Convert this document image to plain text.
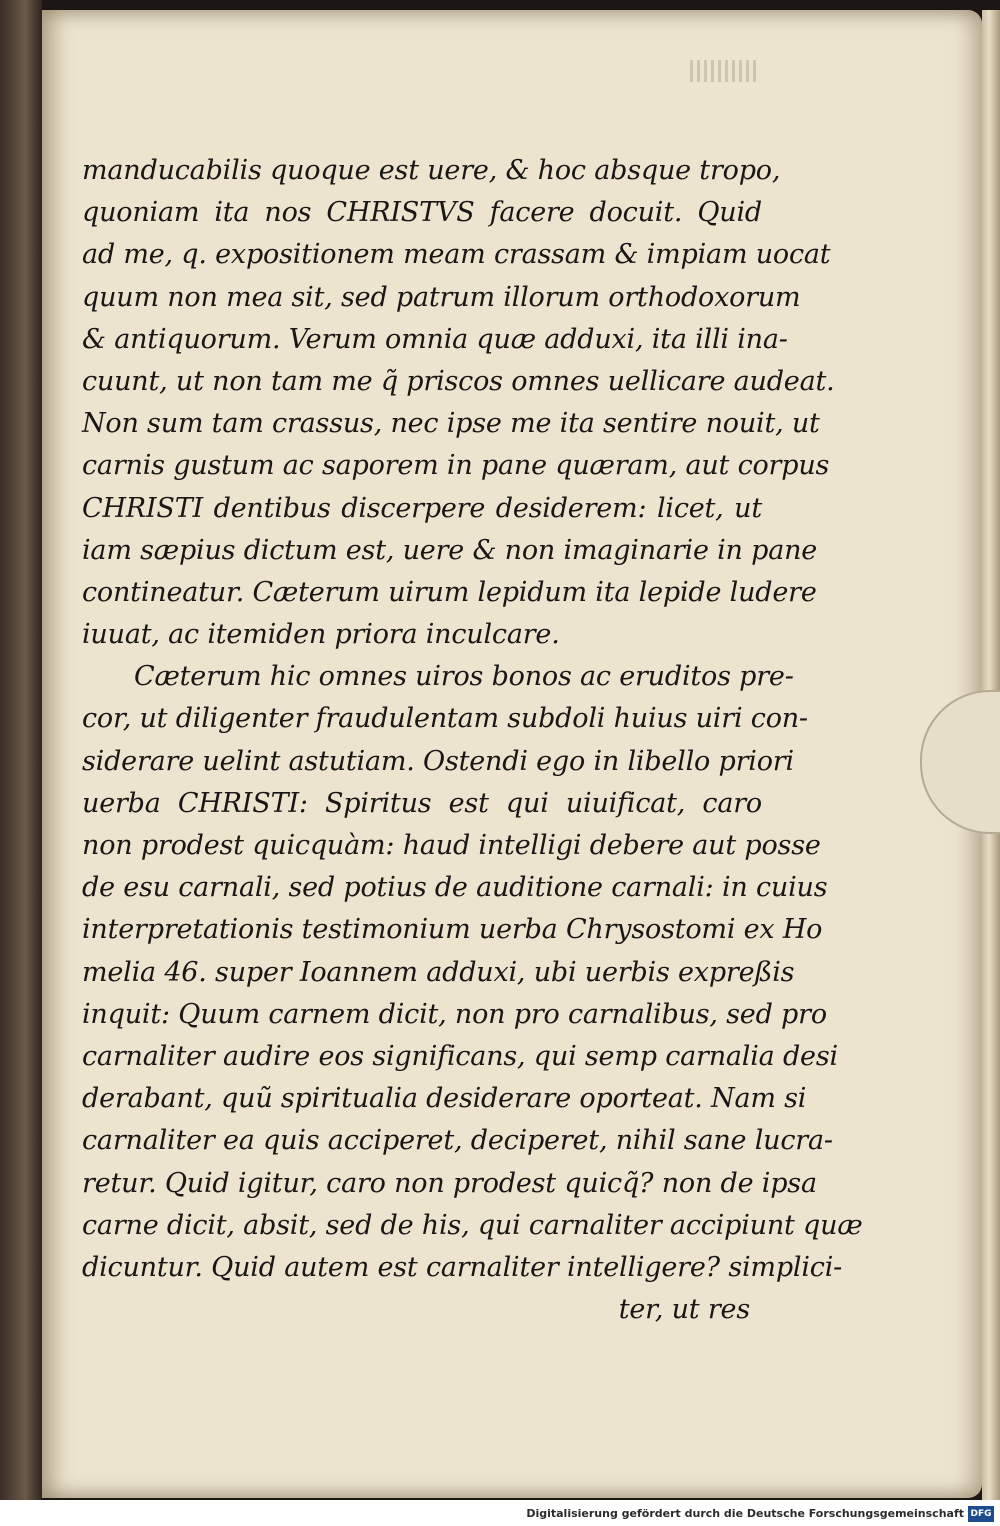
manducabilis quoque est uere, & hoc absque tropo,
quoniam ita nos CHRISTVS facere docuit. Quid
ad me, q. expositionem meam crassam & impiam uocat
quum non mea sit, sed patrum illorum orthodoxorum
& antiquorum. Verum omnia quæ adduxi, ita illi ina-
cuunt, ut non tam me q̃ priscos omnes uellicare audeat.
Non sum tam crassus, nec ipse me ita sentire nouit, ut
carnis gustum ac saporem in pane quæram, aut corpus
CHRISTI dentibus discerpere desiderem: licet, ut
iam sæpius dictum est, uere & non imaginarie in pane
contineatur. Cæterum uirum lepidum ita lepide ludere
iuuat, ac itemiden priora inculcare.
Cæterum hic omnes uiros bonos ac eruditos pre-
cor, ut diligenter fraudulentam subdoli huius uiri con-
siderare uelint astutiam. Ostendi ego in libello priori
uerba CHRISTI: Spiritus est qui uiuificat, caro
non prodest quicquàm: haud intelligi debere aut posse
de esu carnali, sed potius de auditione carnali: in cuius
interpretationis testimonium uerba Chrysostomi ex Ho
melia 46. super Ioannem adduxi, ubi uerbis expreßis
inquit: Quum carnem dicit, non pro carnalibus, sed pro
carnaliter audire eos significans, qui semp carnalia desi
derabant, quũ spiritualia desiderare oporteat. Nam si
carnaliter ea quis acciperet, deciperet, nihil sane lucra-
retur. Quid igitur, caro non prodest quicq̃? non de ipsa
carne dicit, absit, sed de his, qui carnaliter accipiunt quæ
dicuntur. Quid autem est carnaliter intelligere? simplici-
ter, ut res
Digitalisierung gefördert durch die Deutsche Forschungsgemeinschaft DFG
